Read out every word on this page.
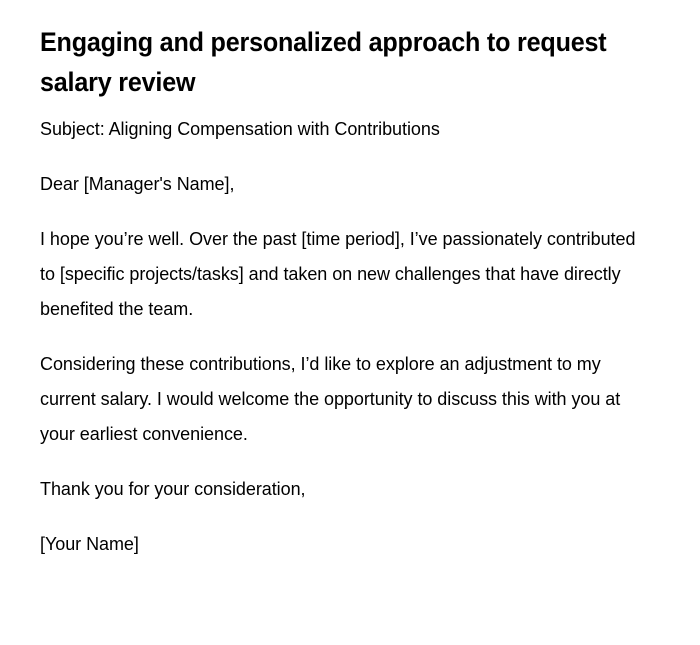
Engaging and personalized approach to request salary review

Subject: Aligning Compensation with Contributions

Dear [Manager's Name],

I hope you’re well. Over the past [time period], I’ve passionately contributed to [specific projects/tasks] and taken on new challenges that have directly benefited the team.

Considering these contributions, I’d like to explore an adjustment to my current salary. I would welcome the opportunity to discuss this with you at your earliest convenience.

Thank you for your consideration,

[Your Name]
